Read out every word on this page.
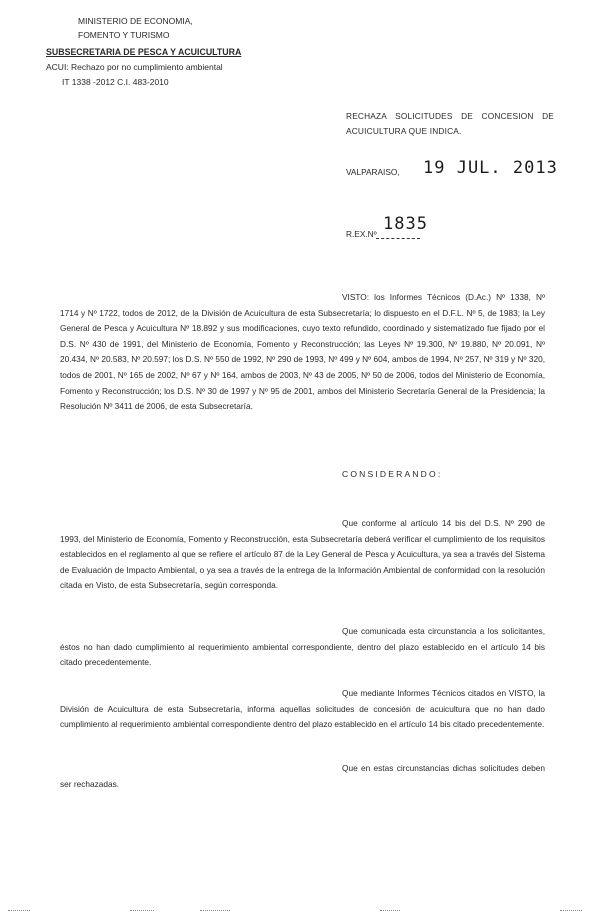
MINISTERIO DE ECONOMIA,
FOMENTO Y TURISMO
SUBSECRETARIA DE PESCA Y ACUICULTURA
ACUI: Rechazo por no cumplimiento ambiental
IT 1338 -2012 C.I. 483-2010
RECHAZA SOLICITUDES DE CONCESION DE ACUICULTURA QUE INDICA.
VALPARAISO, 19 JUL. 2013
R.EX.Nº 1835
VISTO: los Informes Técnicos (D.Ac.) Nº 1338, Nº 1714 y Nº 1722, todos de 2012, de la División de Acuicultura de esta Subsecretaría; lo dispuesto en el D.F.L. Nº 5, de 1983; la Ley General de Pesca y Acuicultura Nº 18.892 y sus modificaciones, cuyo texto refundido, coordinado y sistematizado fue fijado por el D.S. Nº 430 de 1991, del Ministerio de Economía, Fomento y Reconstrucción; las Leyes Nº 19.300, Nº 19.880, Nº 20.091, Nº 20.434, Nº 20.583, Nº 20.597; los D.S. Nº 550 de 1992, Nº 290 de 1993, Nº 499 y Nº 604, ambos de 1994, Nº 257, Nº 319 y Nº 320, todos de 2001, Nº 165 de 2002, Nº 67 y Nº 164, ambos de 2003, Nº 43 de 2005, Nº 50 de 2006, todos del Ministerio de Economía, Fomento y Reconstrucción; los D.S. Nº 30 de 1997 y Nº 95 de 2001, ambos del Ministerio Secretaría General de la Presidencia; la Resolución Nº 3411 de 2006, de esta Subsecretaría.
CONSIDERANDO:
Que conforme al artículo 14 bis del D.S. Nº 290 de 1993, del Ministerio de Economía, Fomento y Reconstrucción, esta Subsecretaría deberá verificar el cumplimiento de los requisitos establecidos en el reglamento al que se refiere el artículo 87 de la Ley General de Pesca y Acuicultura, ya sea a través del Sistema de Evaluación de Impacto Ambiental, o ya sea a través de la entrega de la Información Ambiental de conformidad con la resolución citada en Visto, de esta Subsecretaría, según corresponda.
Que comunicada esta circunstancia a los solicitantes, éstos no han dado cumplimiento al requerimiento ambiental correspondiente, dentro del plazo establecido en el artículo 14 bis citado precedentemente.
Que mediante Informes Técnicos citados en VISTO, la División de Acuicultura de esta Subsecretaría, informa aquellas solicitudes de concesión de acuicultura que no han dado cumplimiento al requerimiento ambiental correspondiente dentro del plazo establecido en el artículo 14 bis citado precedentemente.
Que en estas circunstancias dichas solicitudes deben ser rechazadas.
